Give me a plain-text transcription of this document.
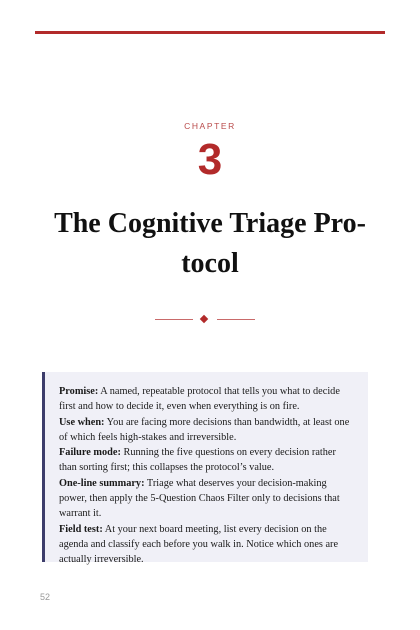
CHAPTER
3
The Cognitive Triage Pro-tocol

Promise: A named, repeatable protocol that tells you what to decide first and how to decide it, even when everything is on fire.

Use when: You are facing more decisions than bandwidth, at least one of which feels high-stakes and irreversible.

Failure mode: Running the five questions on every decision rather than sorting first; this collapses the protocol’s value.

One-line summary: Triage what deserves your decision-making power, then apply the 5-Question Chaos Filter only to decisions that warrant it.

Field test: At your next board meeting, list every decision on the agenda and classify each before you walk in. Notice which ones are actually irreversible.

52
